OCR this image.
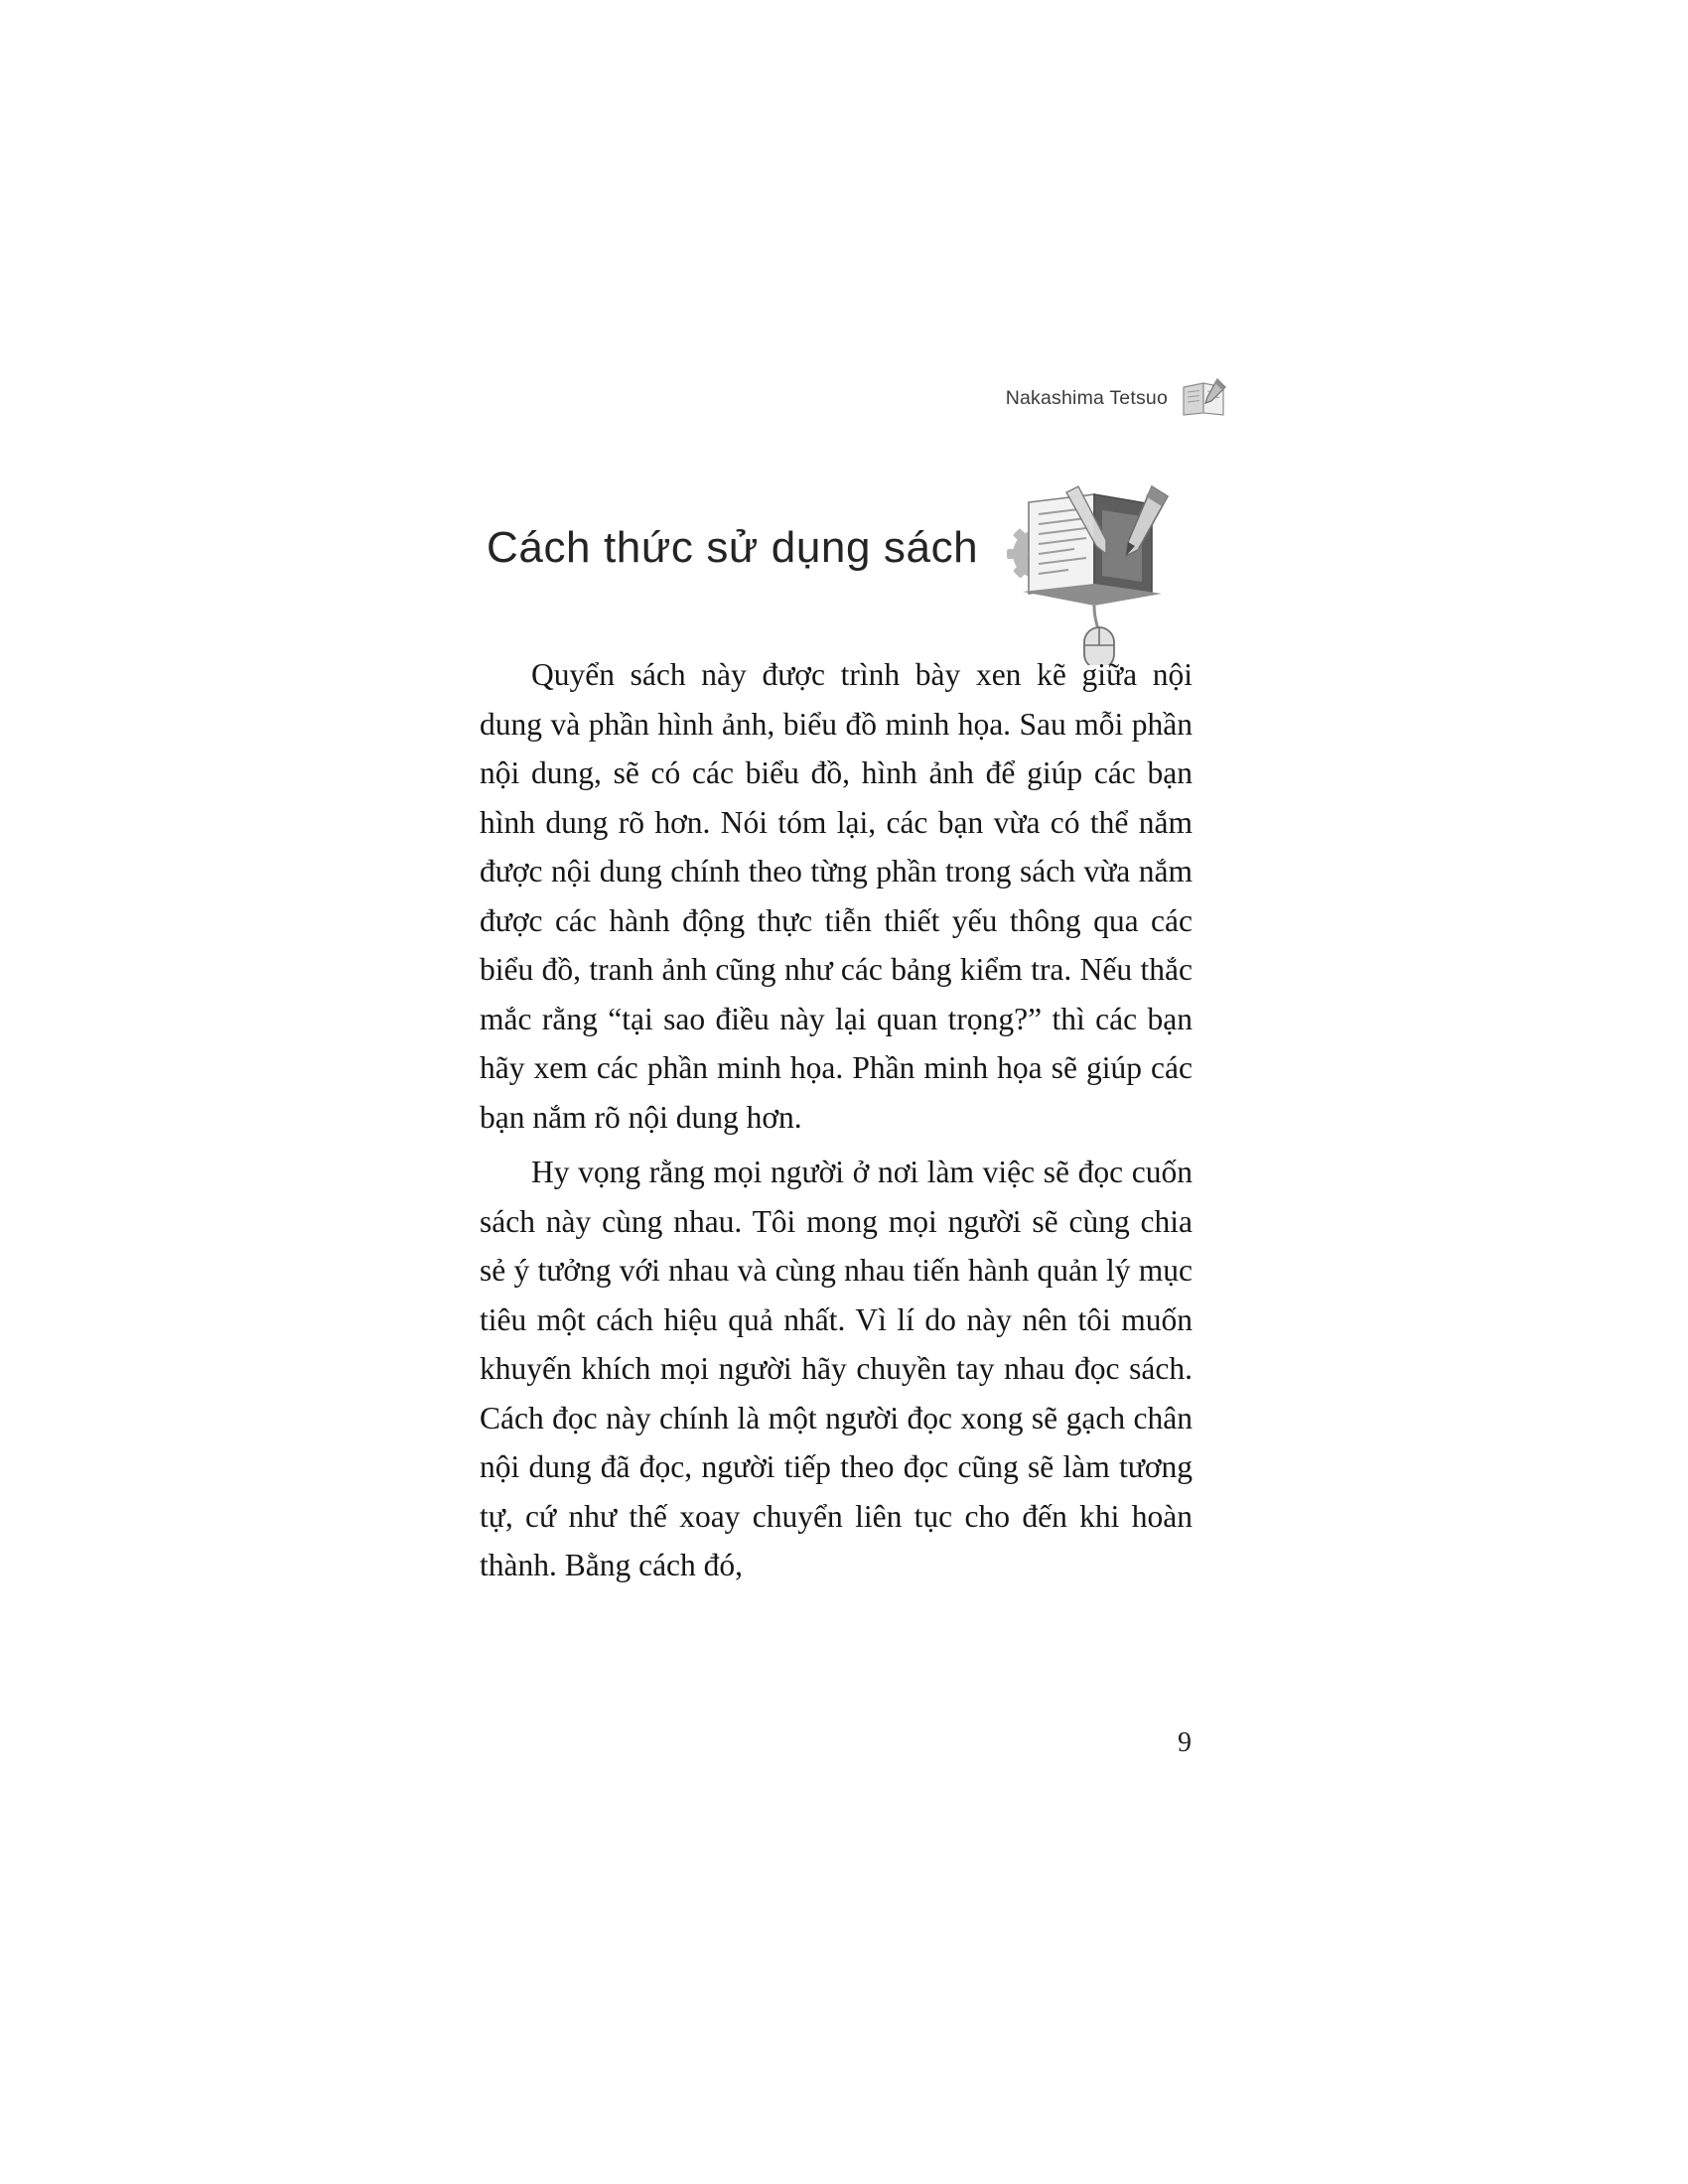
Nakashima Tetsuo
Cách thức sử dụng sách

Quyển sách này được trình bày xen kẽ giữa nội dung và phần hình ảnh, biểu đồ minh họa. Sau mỗi phần nội dung, sẽ có các biểu đồ, hình ảnh để giúp các bạn hình dung rõ hơn. Nói tóm lại, các bạn vừa có thể nắm được nội dung chính theo từng phần trong sách vừa nắm được các hành động thực tiễn thiết yếu thông qua các biểu đồ, tranh ảnh cũng như các bảng kiểm tra. Nếu thắc mắc rằng “tại sao điều này lại quan trọng?” thì các bạn hãy xem các phần minh họa. Phần minh họa sẽ giúp các bạn nắm rõ nội dung hơn.

Hy vọng rằng mọi người ở nơi làm việc sẽ đọc cuốn sách này cùng nhau. Tôi mong mọi người sẽ cùng chia sẻ ý tưởng với nhau và cùng nhau tiến hành quản lý mục tiêu một cách hiệu quả nhất. Vì lí do này nên tôi muốn khuyến khích mọi người hãy chuyền tay nhau đọc sách. Cách đọc này chính là một người đọc xong sẽ gạch chân nội dung đã đọc, người tiếp theo đọc cũng sẽ làm tương tự, cứ như thế xoay chuyển liên tục cho đến khi hoàn thành. Bằng cách đó,

9
